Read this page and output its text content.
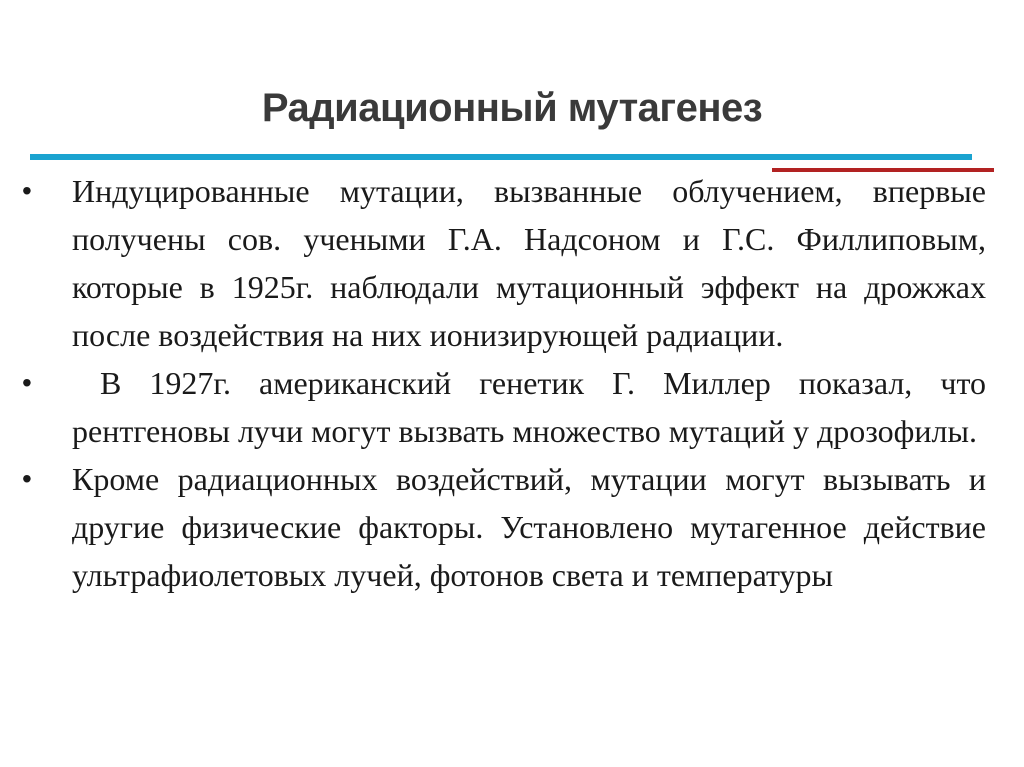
Радиационный мутагенез
•	Индуцированные мутации, вызванные облучением, впервые получены сов. учеными Г.А. Надсоном и Г.С. Филлиповым, которые в 1925г. наблюдали мутационный эффект на дрожжах после воздействия на них ионизирующей радиации.
•	В 1927г. американский генетик Г. Миллер показал, что рентгеновы лучи могут вызвать множество мутаций у дрозофилы.
•	Кроме радиационных воздействий, мутации могут вызывать и другие физические факторы. Установлено мутагенное действие ультрафиолетовых лучей, фотонов света и температуры
